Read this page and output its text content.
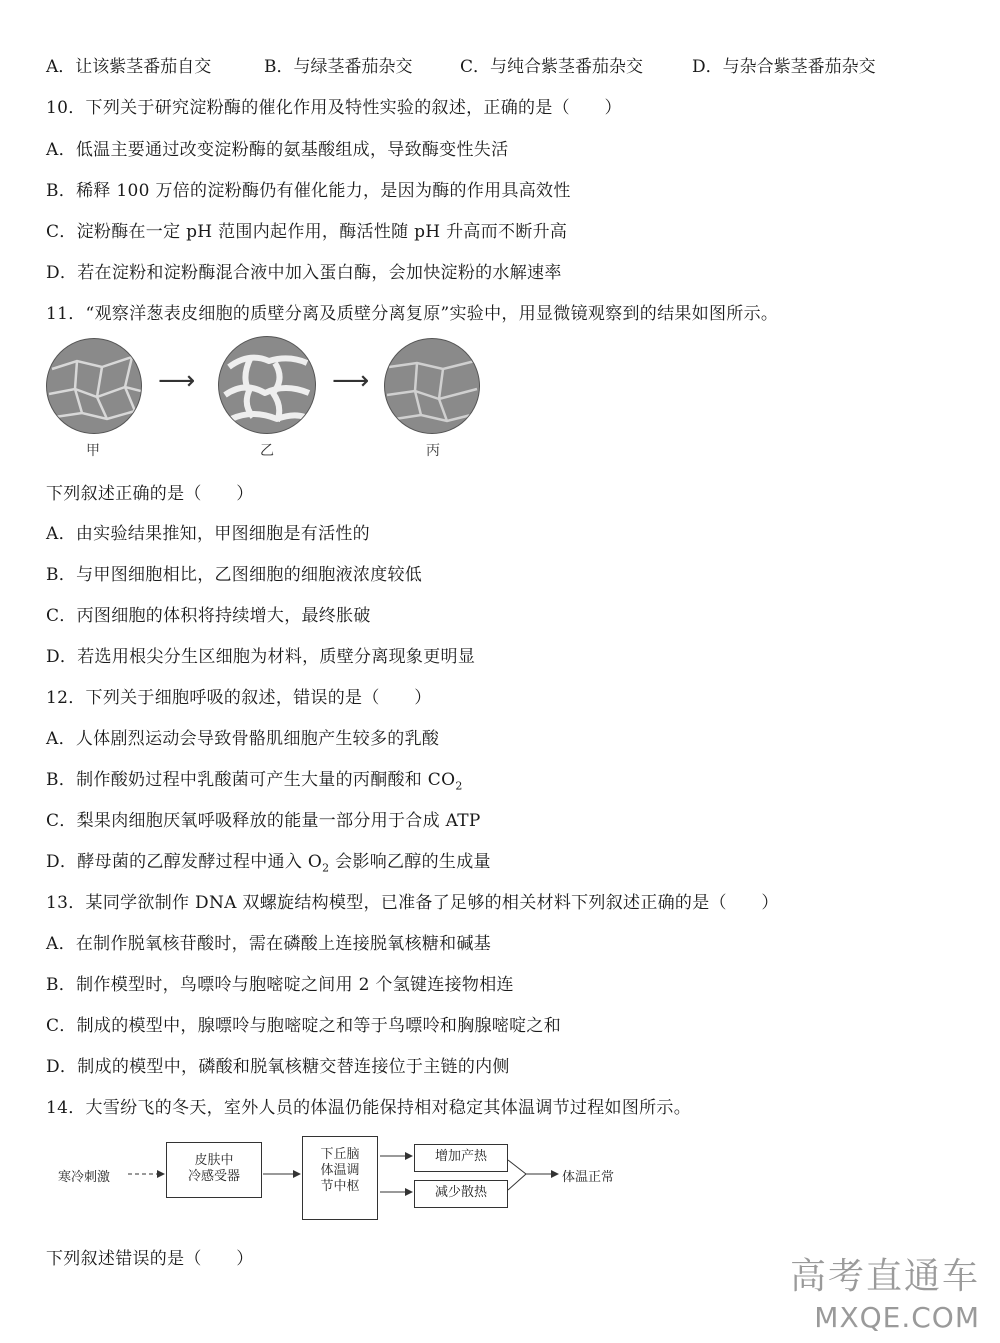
A．让该紫茎番茄自交	B．与绿茎番茄杂交	C．与纯合紫茎番茄杂交	D．与杂合紫茎番茄杂交
10．下列关于研究淀粉酶的催化作用及特性实验的叙述，正确的是（　　）
A．低温主要通过改变淀粉酶的氨基酸组成，导致酶变性失活
B．稀释 100 万倍的淀粉酶仍有催化能力，是因为酶的作用具高效性
C．淀粉酶在一定 pH 范围内起作用，酶活性随 pH 升高而不断升高
D．若在淀粉和淀粉酶混合液中加入蛋白酶，会加快淀粉的水解速率
11．“观察洋葱表皮细胞的质壁分离及质壁分离复原”实验中，用显微镜观察到的结果如图所示。
甲
⟶
乙
⟶
丙
下列叙述正确的是（　　）
A．由实验结果推知，甲图细胞是有活性的
B．与甲图细胞相比，乙图细胞的细胞液浓度较低
C．丙图细胞的体积将持续增大，最终胀破
D．若选用根尖分生区细胞为材料，质壁分离现象更明显
12．下列关于细胞呼吸的叙述，错误的是（　　）
A．人体剧烈运动会导致骨骼肌细胞产生较多的乳酸
B．制作酸奶过程中乳酸菌可产生大量的丙酮酸和 $CO_2$
C．梨果肉细胞厌氧呼吸释放的能量一部分用于合成 ATP
D．酵母菌的乙醇发酵过程中通入 $O_2$ 会影响乙醇的生成量
13．某同学欲制作 DNA 双螺旋结构模型，已准备了足够的相关材料下列叙述正确的是（　　）
A．在制作脱氧核苷酸时，需在磷酸上连接脱氧核糖和碱基
B．制作模型时，鸟嘌呤与胞嘧啶之间用 2 个氢键连接物相连
C．制成的模型中，腺嘌呤与胞嘧啶之和等于鸟嘌呤和胸腺嘧啶之和
D．制成的模型中，磷酸和脱氧核糖交替连接位于主链的内侧
14．大雪纷飞的冬天，室外人员的体温仍能保持相对稳定其体温调节过程如图所示。
寒冷刺激
皮肤中
冷感受器
下丘脑
体温调
节中枢
增加产热
减少散热
体温正常
下列叙述错误的是（　　）	高考直通车
MXQE.COM
